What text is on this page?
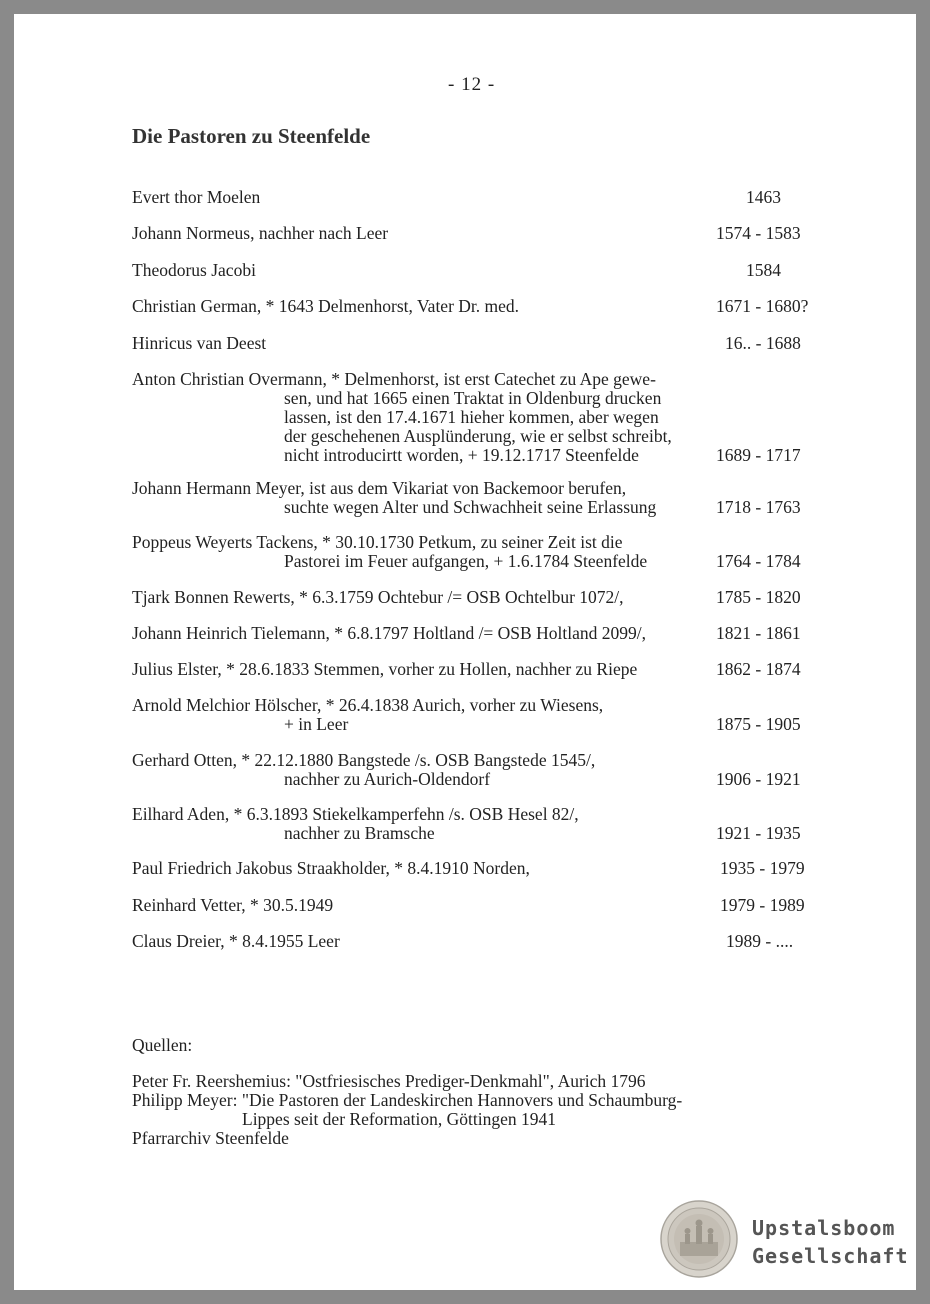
- 12 -
Die Pastoren zu Steenfelde
Evert thor Moelen	1463
Johann Normeus, nachher nach Leer	1574 - 1583
Theodorus Jacobi	1584
Christian German, * 1643 Delmenhorst, Vater Dr. med.	1671 - 1680?
Hinricus van Deest	16.. - 1688
Anton Christian Overmann, * Delmenhorst, ist erst Catechet zu Ape gewe-
sen, und hat 1665 einen Traktat in Oldenburg drucken
lassen, ist den 17.4.1671 hieher kommen, aber wegen
der geschehenen Ausplünderung, wie er selbst schreibt,
nicht introducirtt worden, + 19.12.1717 Steenfelde	1689 - 1717
Johann Hermann Meyer, ist aus dem Vikariat von Backemoor berufen,
suchte wegen Alter und Schwachheit seine Erlassung	1718 - 1763
Poppeus Weyerts Tackens, * 30.10.1730 Petkum, zu seiner Zeit ist die
Pastorei im Feuer aufgangen, + 1.6.1784 Steenfelde	1764 - 1784
Tjark Bonnen Rewerts, * 6.3.1759 Ochtebur /= OSB Ochtelbur 1072/,	1785 - 1820
Johann Heinrich Tielemann, * 6.8.1797 Holtland /= OSB Holtland 2099/,	1821 - 1861
Julius Elster, * 28.6.1833 Stemmen, vorher zu Hollen, nachher zu Riepe	1862 - 1874
Arnold Melchior Hölscher, * 26.4.1838 Aurich, vorher zu Wiesens,
+ in Leer	1875 - 1905
Gerhard Otten, * 22.12.1880 Bangstede /s. OSB Bangstede 1545/,
nachher zu Aurich-Oldendorf	1906 - 1921
Eilhard Aden, * 6.3.1893 Stiekelkamperfehn /s. OSB Hesel 82/,
nachher zu Bramsche	1921 - 1935
Paul Friedrich Jakobus Straakholder, * 8.4.1910 Norden,	1935 - 1979
Reinhard Vetter, * 30.5.1949	1979 - 1989
Claus Dreier, * 8.4.1955 Leer	1989 - ....
Quellen:
Peter Fr. Reershemius: "Ostfriesisches Prediger-Denkmahl", Aurich 1796
Philipp Meyer: "Die Pastoren der Landeskirchen Hannovers und Schaumburg-
Lippes seit der Reformation, Göttingen 1941
Pfarrarchiv Steenfelde
Upstalsboom
Gesellschaft
